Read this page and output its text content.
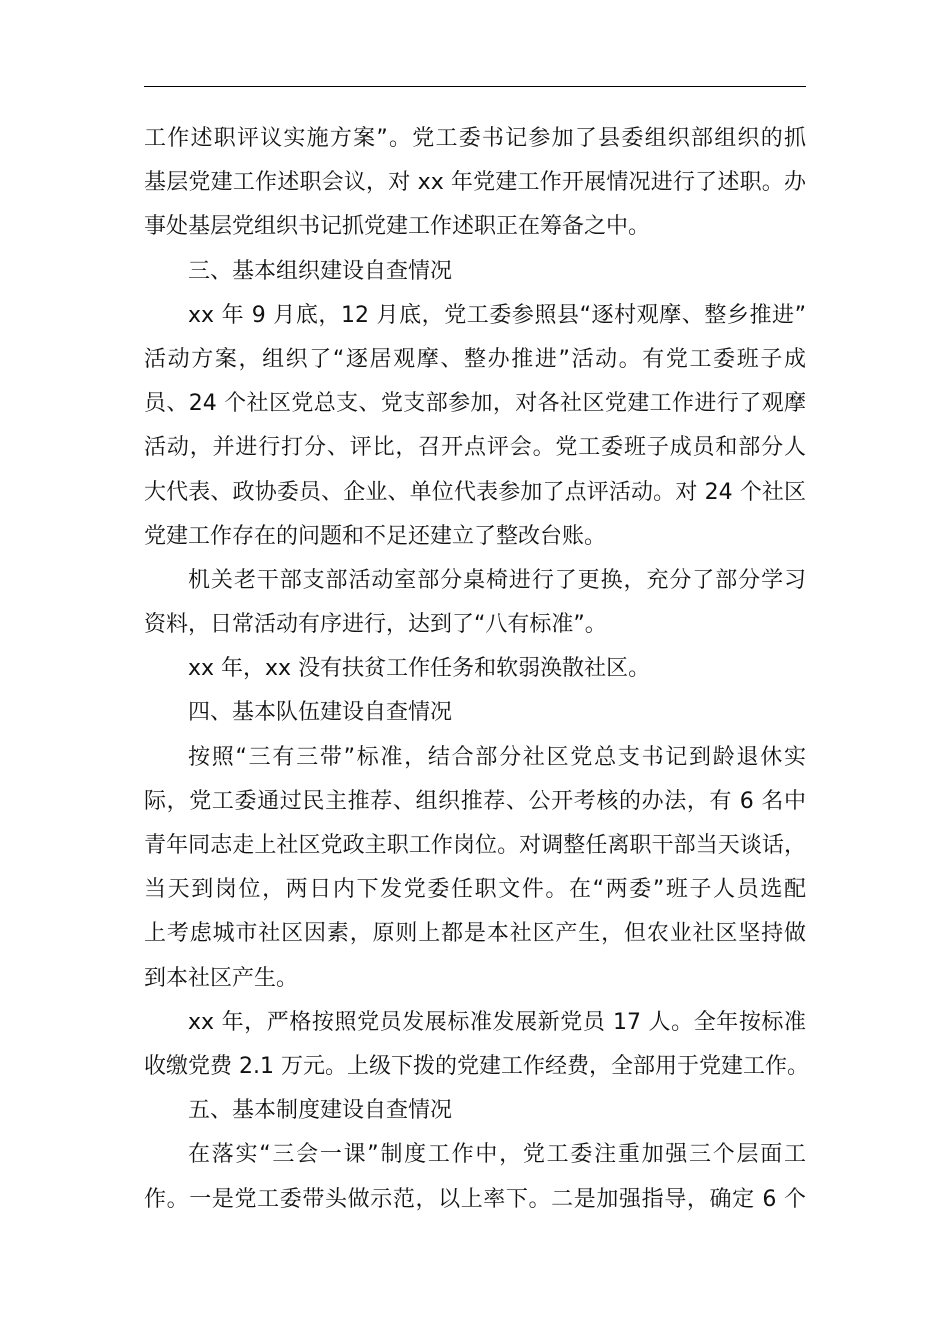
工作述职评议实施方案”。党工委书记参加了县委组织部组织的抓
基层党建工作述职会议，对 xx 年党建工作开展情况进行了述职。办
事处基层党组织书记抓党建工作述职正在筹备之中。
三、基本组织建设自查情况
xx 年 9 月底，12 月底，党工委参照县“逐村观摩、整乡推进”
活动方案，组织了“逐居观摩、整办推进”活动。有党工委班子成
员、24 个社区党总支、党支部参加，对各社区党建工作进行了观摩
活动，并进行打分、评比，召开点评会。党工委班子成员和部分人
大代表、政协委员、企业、单位代表参加了点评活动。对 24 个社区
党建工作存在的问题和不足还建立了整改台账。
机关老干部支部活动室部分桌椅进行了更换，充分了部分学习
资料，日常活动有序进行，达到了“八有标准”。
xx 年，xx 没有扶贫工作任务和软弱涣散社区。
四、基本队伍建设自查情况
按照“三有三带”标准，结合部分社区党总支书记到龄退休实
际，党工委通过民主推荐、组织推荐、公开考核的办法，有 6 名中
青年同志走上社区党政主职工作岗位。对调整任离职干部当天谈话，
当天到岗位，两日内下发党委任职文件。在“两委”班子人员选配
上考虑城市社区因素，原则上都是本社区产生，但农业社区坚持做
到本社区产生。
xx 年，严格按照党员发展标准发展新党员 17 人。全年按标准
收缴党费 2.1 万元。上级下拨的党建工作经费，全部用于党建工作。
五、基本制度建设自查情况
在落实“三会一课”制度工作中，党工委注重加强三个层面工
作。一是党工委带头做示范，以上率下。二是加强指导，确定 6 个
